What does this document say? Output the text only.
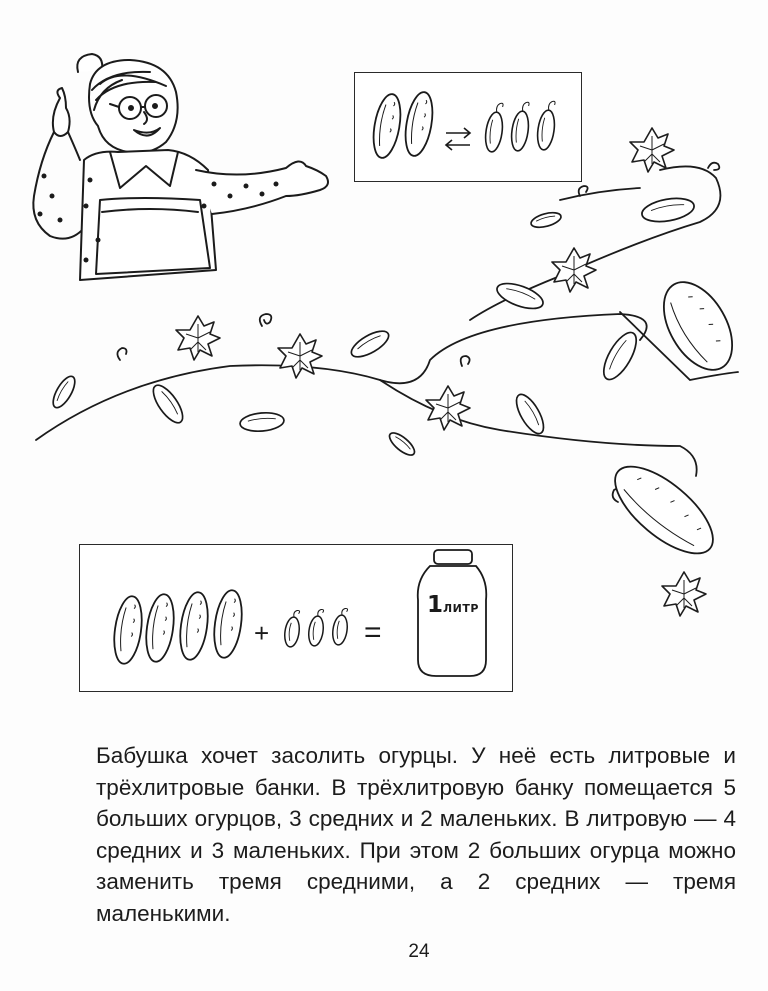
+	=
1ЛИТР
Бабушка хочет засолить огурцы. У неё есть литровые и трёхлитровые банки. В трёхлитровую банку помещается 5 больших огурцов, 3 средних и 2 маленьких. В литровую — 4 средних и 3 маленьких. При этом 2 больших огурца можно заменить тремя средними, а 2 средних — тремя маленькими.
24
